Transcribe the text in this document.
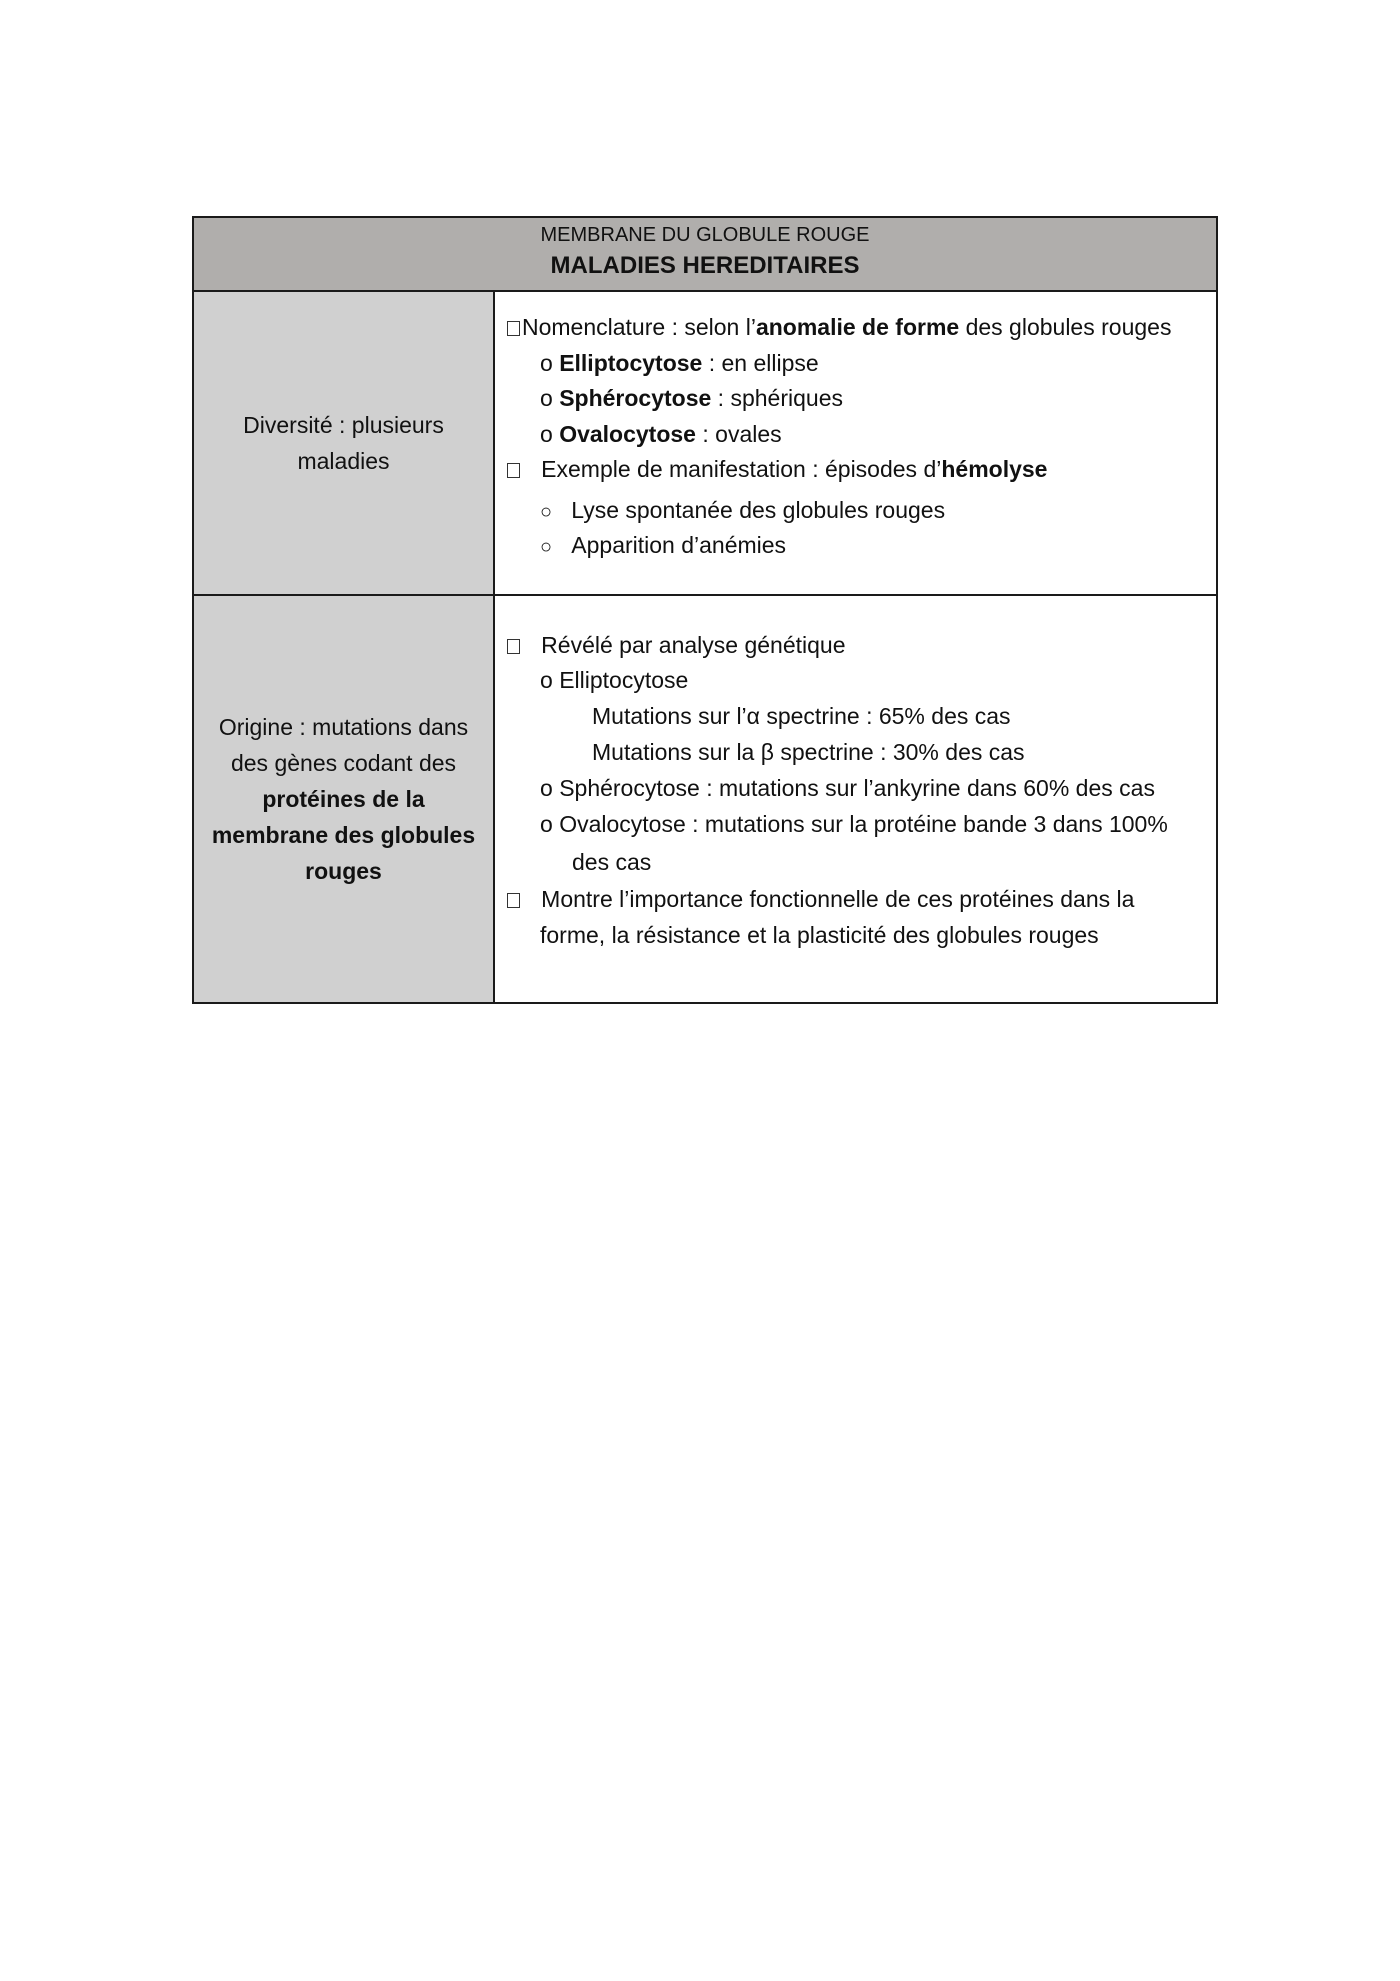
MEMBRANE DU GLOBULE ROUGE
MALADIES HEREDITAIRES
Diversité : plusieurs maladies
Nomenclature : selon l’anomalie de forme des globules rouges
o Elliptocytose : en ellipse
o Sphérocytose : sphériques
o Ovalocytose : ovales
Exemple de manifestation : épisodes d’hémolyse
○ Lyse spontanée des globules rouges
○ Apparition d’anémies
Origine : mutations dans des gènes codant des protéines de la membrane des globules rouges
Révélé par analyse génétique
o Elliptocytose
Mutations sur l’α spectrine : 65% des cas
Mutations sur la β spectrine : 30% des cas
o Sphérocytose : mutations sur l’ankyrine dans 60% des cas
o Ovalocytose : mutations sur la protéine bande 3 dans 100%
des cas
Montre l’importance fonctionnelle de ces protéines dans la
forme, la résistance et la plasticité des globules rouges
